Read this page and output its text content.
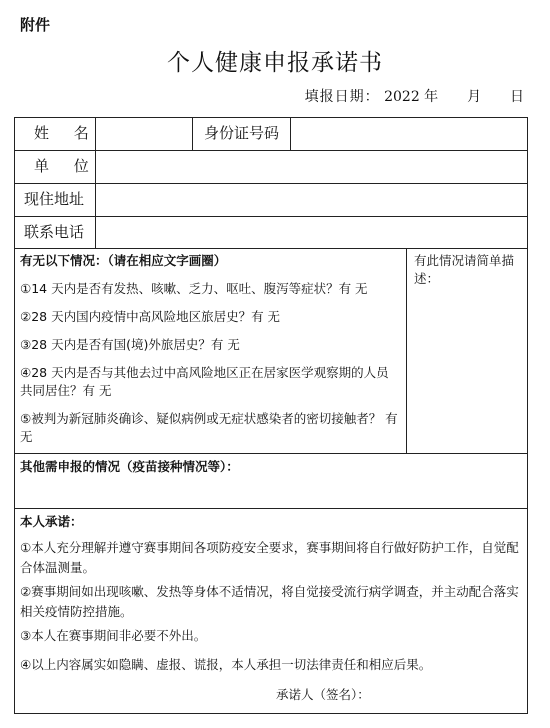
附件
个人健康申报承诺书
填报日期： 2022 年 月 日
姓 名	身份证号码
单 位
现住地址
联系电话
有无以下情况：（请在相应文字画圈）
①14 天内是否有发热、咳嗽、乏力、呕吐、腹泻等症状？有 无
②28 天内国内疫情中高风险地区旅居史？有 无
③28 天内是否有国(境)外旅居史？有 无
④28 天内是否与其他去过中高风险地区正在居家医学观察期的人员共同居住？有 无
⑤被判为新冠肺炎确诊、疑似病例或无症状感染者的密切接触者？ 有 无
有此情况请简单描述：
其他需申报的情况（疫苗接种情况等）：
本人承诺：
①本人充分理解并遵守赛事期间各项防疫安全要求，赛事期间将自行做好防护工作，自觉配合体温测量。
②赛事期间如出现咳嗽、发热等身体不适情况，将自觉接受流行病学调查，并主动配合落实相关疫情防控措施。
③本人在赛事期间非必要不外出。
④以上内容属实如隐瞒、虚报、谎报，本人承担一切法律责任和相应后果。
承诺人（签名）：
